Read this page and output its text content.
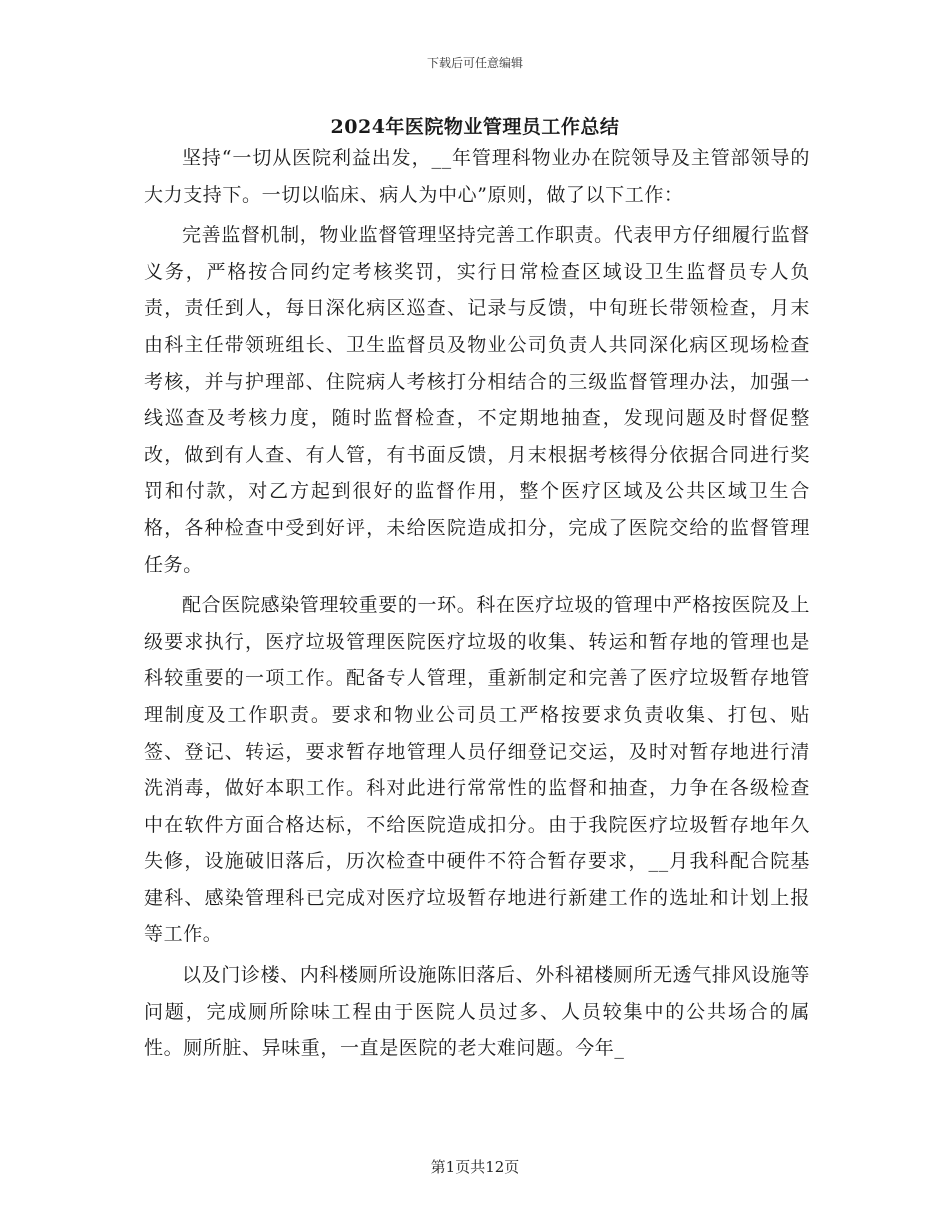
下载后可任意编辑
2024年医院物业管理员工作总结

坚持“一切从医院利益出发，__年管理科物业办在院领导及主管部领导的大力支持下。一切以临床、病人为中心”原则，做了以下工作：

完善监督机制，物业监督管理坚持完善工作职责。代表甲方仔细履行监督义务，严格按合同约定考核奖罚，实行日常检查区域设卫生监督员专人负责，责任到人，每日深化病区巡查、记录与反馈，中旬班长带领检查，月末由科主任带领班组长、卫生监督员及物业公司负责人共同深化病区现场检查考核，并与护理部、住院病人考核打分相结合的三级监督管理办法，加强一线巡查及考核力度，随时监督检查，不定期地抽查，发现问题及时督促整改，做到有人查、有人管，有书面反馈，月末根据考核得分依据合同进行奖罚和付款，对乙方起到很好的监督作用，整个医疗区域及公共区域卫生合格，各种检查中受到好评，未给医院造成扣分，完成了医院交给的监督管理任务。

配合医院感染管理较重要的一环。科在医疗垃圾的管理中严格按医院及上级要求执行，医疗垃圾管理医院医疗垃圾的收集、转运和暂存地的管理也是科较重要的一项工作。配备专人管理，重新制定和完善了医疗垃圾暂存地管理制度及工作职责。要求和物业公司员工严格按要求负责收集、打包、贴签、登记、转运，要求暂存地管理人员仔细登记交运，及时对暂存地进行清洗消毒，做好本职工作。科对此进行常常性的监督和抽查，力争在各级检查中在软件方面合格达标，不给医院造成扣分。由于我院医疗垃圾暂存地年久失修，设施破旧落后，历次检查中硬件不符合暂存要求，__月我科配合院基建科、感染管理科已完成对医疗垃圾暂存地进行新建工作的选址和计划上报等工作。

以及门诊楼、内科楼厕所设施陈旧落后、外科裙楼厕所无透气排风设施等问题，完成厕所除味工程由于医院人员过多、人员较集中的公共场合的属性。厕所脏、异味重，一直是医院的老大难问题。今年_

第1页共12页
